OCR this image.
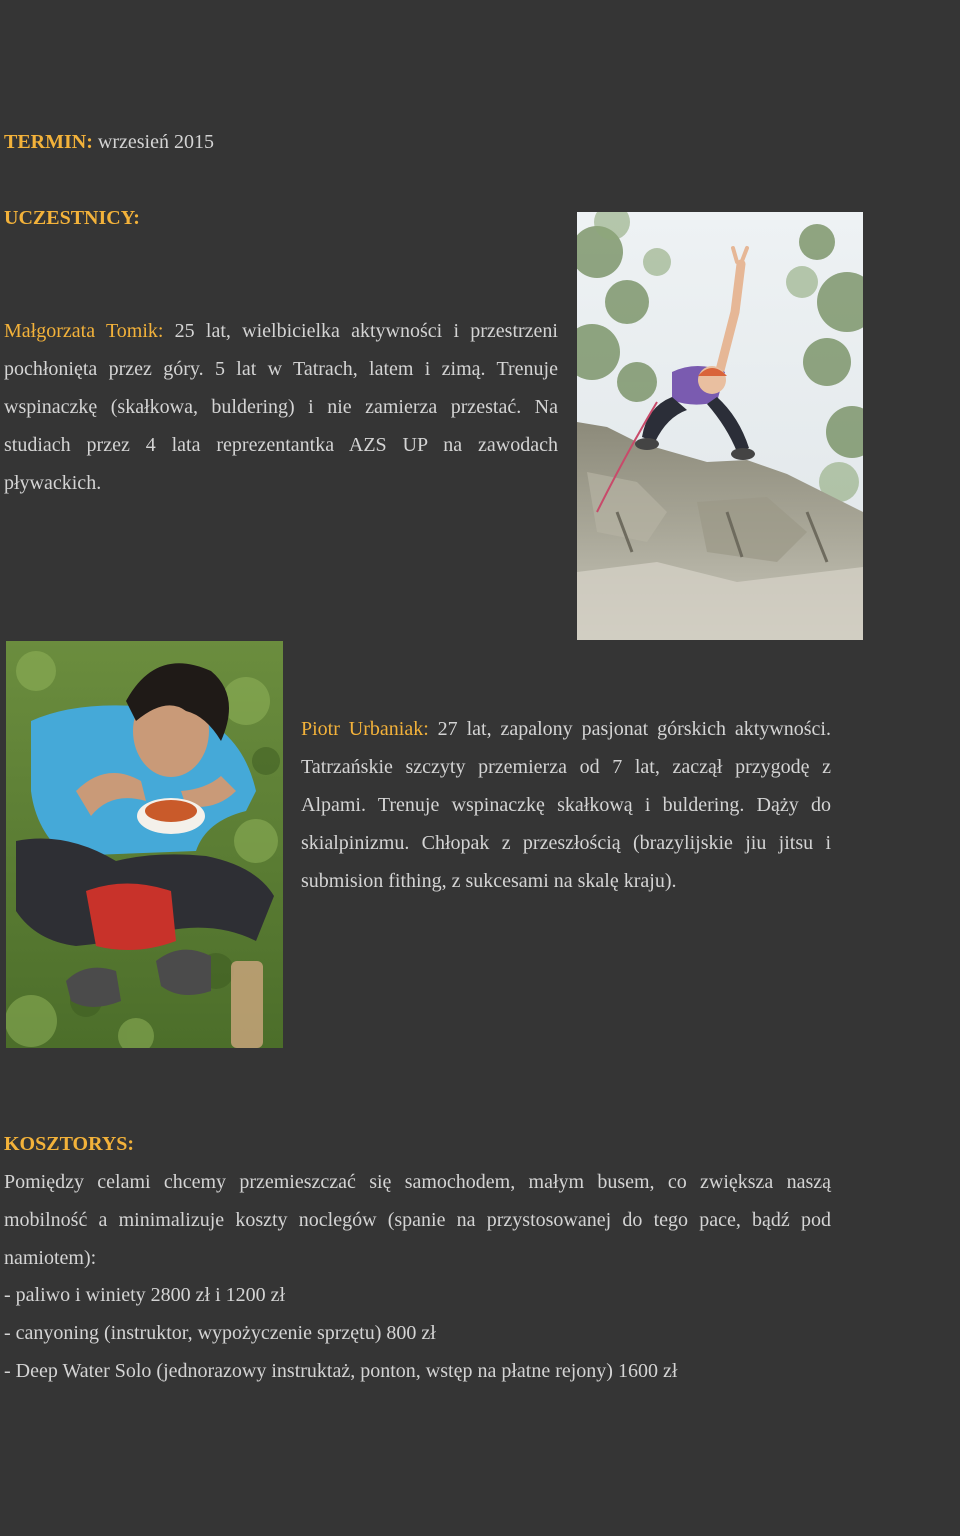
TERMIN: wrzesień 2015
UCZESTNICY:

Małgorzata Tomik: 25 lat, wielbicielka aktywności i przestrzeni pochłonięta przez góry. 5 lat w Tatrach, latem i zimą. Trenuje wspinaczkę (skałkowa, buldering) i nie zamierza przestać. Na studiach przez 4 lata reprezentantka AZS UP na zawodach pływackich.

Piotr Urbaniak: 27 lat, zapalony pasjonat górskich aktywności. Tatrzańskie szczyty przemierza od 7 lat, zaczął przygodę z Alpami. Trenuje wspinaczkę skałkową i buldering. Dąży do skialpinizmu. Chłopak z przeszłością (brazylijskie jiu jitsu i submision fithing, z sukcesami na skalę kraju).

KOSZTORYS:

Pomiędzy celami chcemy przemieszczać się samochodem, małym busem, co zwiększa naszą mobilność a minimalizuje koszty noclegów (spanie na przystosowanej do tego pace, bądź pod namiotem):

- paliwo i winiety 2800 zł i 1200 zł
- canyoning (instruktor, wypożyczenie sprzętu) 800 zł
- Deep Water Solo (jednorazowy instruktaż, ponton, wstęp na płatne rejony) 1600 zł
